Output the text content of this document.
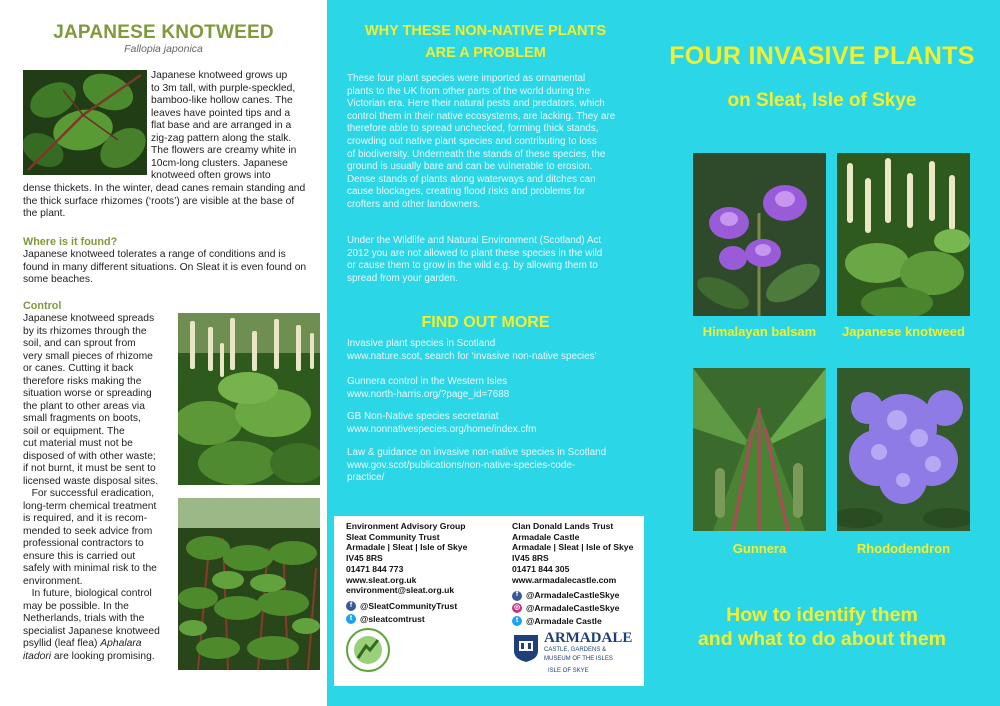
JAPANESE KNOTWEED
Fallopia japonica
Japanese knotweed grows up
to 3m tall, with purple-speckled,
bamboo-like hollow canes. The
leaves have pointed tips and a
flat base and are arranged in a
zig-zag pattern along the stalk.
The flowers are creamy white in
10cm-long clusters. Japanese
knotweed often grows into
dense thickets. In the winter, dead canes remain standing and the thick surface rhizomes (‘roots’) are visible at the base of the plant.
Where is it found?
Japanese knotweed tolerates a range of conditions and is found in many different situations. On Sleat it is even found on some beaches.
Control
Japanese knotweed spreads
by its rhizomes through the
soil, and can sprout from
very small pieces of rhizome
or canes. Cutting it back
therefore risks making the
situation worse or spreading
the plant to other areas via
small fragments on boots,
soil or equipment. The
cut material must not be
disposed of with other waste;
if not burnt, it must be sent to
licensed waste disposal sites.
For successful eradication,
long-term chemical treatment
is required, and it is recom-
mended to seek advice from
professional contractors to
ensure this is carried out
safely with minimal risk to the
environment.
In future, biological control
may be possible. In the
Netherlands, trials with the
specialist Japanese knotweed
psyllid (leaf flea) Aphalara
itadori are looking promising.
WHY THESE NON-NATIVE PLANTS
ARE A PROBLEM
These four plant species were imported as ornamental
plants to the UK from other parts of the world during the
Victorian era. Here their natural pests and predators, which
control them in their native ecosystems, are lacking. They are
therefore able to spread unchecked, forming thick stands,
crowding out native plant species and contributing to loss
of biodiversity. Underneath the stands of these species, the
ground is usually bare and can be vulnerable to erosion.
Dense stands of plants along waterways and ditches can
cause blockages, creating flood risks and problems for
crofters and other landowners.
Under the Wildlife and Natural Environment (Scotland) Act
2012 you are not allowed to plant these species in the wild
or cause them to grow in the wild e.g. by allowing them to
spread from your garden.
FIND OUT MORE
Invasive plant species in Scotland
www.nature.scot, search for ‘invasive non-native species’
Gunnera control in the Western Isles
www.north-harris.org/?page_id=7688
GB Non-Native species secretariat
www.nonnativespecies.org/home/index.cfm
Law & guidance on invasive non-native species in Scotland
www.gov.scot/publications/non-native-species-code-
practice/
Environment Advisory Group
Sleat Community Trust
Armadale | Sleat | Isle of Skye
IV45 8RS
01471 844 773
www.sleat.org.uk
environment@sleat.org.uk
f @SleatCommunityTrust
t @sleatcomtrust
Clan Donald Lands Trust
Armadale Castle
Armadale | Sleat | Isle of Skye
IV45 8RS
01471 844 305
www.armadalecastle.com
f @ArmadaleCastleSkye
◎ @ArmadaleCastleSkye
t @Armadale Castle
ARMADALE
CASTLE, GARDENS &
MUSEUM OF THE ISLES
ISLE OF SKYE
FOUR INVASIVE PLANTS
on Sleat, Isle of Skye
Himalayan balsam	Japanese knotweed
Gunnera	Rhododendron
How to identify them
and what to do about them
